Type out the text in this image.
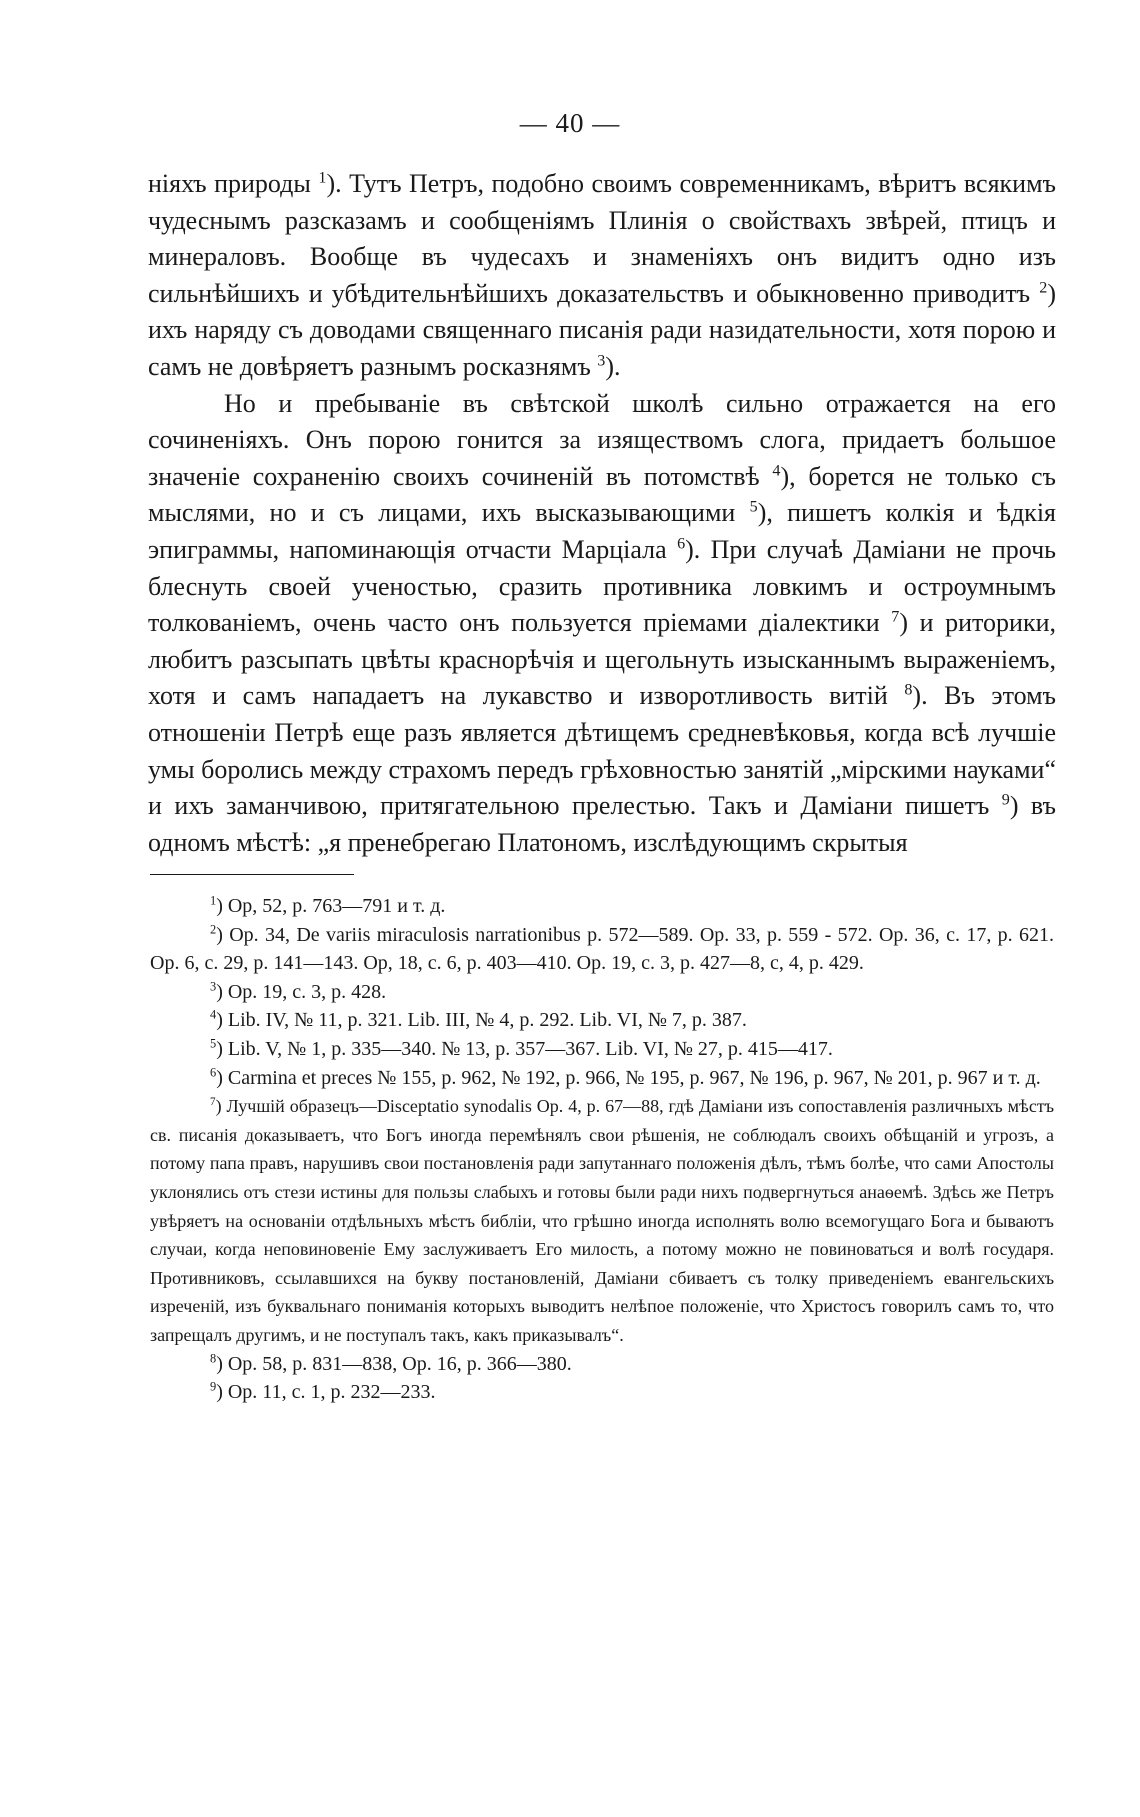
— 40 —

ніяхъ природы $^1$). Тутъ Петръ, подобно своимъ современникамъ, вѣритъ всякимъ чудеснымъ разсказамъ и сообщеніямъ Плинія о свойствахъ звѣрей, птицъ и минераловъ. Вообще въ чудесахъ и знаменіяхъ онъ видитъ одно изъ сильнѣйшихъ и убѣдительнѣйшихъ доказательствъ и обыкновенно приводитъ $^2$) ихъ наряду съ доводами священнаго писанія ради назидательности, хотя порою и самъ не довѣряетъ разнымъ росказнямъ $^3$).

Но и пребываніе въ свѣтской школѣ сильно отражается на его сочиненіяхъ. Онъ порою гонится за изяществомъ слога, придаетъ большое значеніе сохраненію своихъ сочиненій въ потомствѣ $^4$), борется не только съ мыслями, но и съ лицами, ихъ высказывающими $^5$), пишетъ колкія и ѣдкія эпиграммы, напоминающія отчасти Марціала $^6$). При случаѣ Даміани не прочь блеснуть своей ученостью, сразить противника ловкимъ и остроумнымъ толкованіемъ, очень часто онъ пользуется пріемами діалектики $^7$) и риторики, любитъ разсыпать цвѣты краснорѣчія и щегольнуть изысканнымъ выраженіемъ, хотя и самъ нападаетъ на лукавство и изворотливость витій $^8$). Въ этомъ отношеніи Петрѣ еще разъ является дѣтищемъ средневѣковья, когда всѣ лучшіе умы боролись между страхомъ передъ грѣховностью занятій „мірскими науками“ и ихъ заманчивою, притягательною прелестью. Такъ и Даміани пишетъ $^9$) въ одномъ мѣстѣ: „я пренебрегаю Платономъ, изслѣдующимъ скрытыя

$^1$) Op, 52, p. 763—791 и т. д.

$^2$) Op. 34, De variis miraculosis narrationibus p. 572—589. Op. 33, p. 559 - 572. Op. 36, c. 17, p. 621. Op. 6, c. 29, p. 141—143. Op, 18, c. 6, p. 403—410. Op. 19, c. 3, p. 427—8, c, 4, p. 429.

$^3$) Op. 19, c. 3, p. 428.

$^4$) Lib. IV, № 11, p. 321. Lib. III, № 4, p. 292. Lib. VI, № 7, p. 387.

$^5$) Lib. V, № 1, p. 335—340. № 13, p. 357—367. Lib. VI, № 27, p. 415—417.

$^6$) Carmina et preces № 155, p. 962, № 192, p. 966, № 195, p. 967, № 196, p. 967, № 201, p. 967 и т. д.

$^7$) Лучшій образецъ—Disceptatio synodalis Op. 4, p. 67—88, гдѣ Даміани изъ сопоставленія различныхъ мѣстъ св. писанія доказываетъ, что Богъ иногда перемѣнялъ свои рѣшенія, не соблюдалъ своихъ обѣщаній и угрозъ, а потому папа правъ, нарушивъ свои постановленія ради запутаннаго положенія дѣлъ, тѣмъ болѣе, что сами Апостолы уклонялись отъ стези истины для пользы слабыхъ и готовы были ради нихъ подвергнуться анаѳемѣ. Здѣсь же Петръ увѣряетъ на основаніи отдѣльныхъ мѣстъ библіи, что грѣшно иногда исполнять волю всемогущаго Бога и бываютъ случаи, когда неповиновеніе Ему заслуживаетъ Его милость, а потому можно не повиноваться и волѣ государя. Противниковъ, ссылавшихся на букву постановленій, Даміани сбиваетъ съ толку приведеніемъ евангельскихъ изреченій, изъ буквальнаго пониманія которыхъ выводитъ нелѣпое положеніе, что Христосъ говорилъ самъ то, что запрещалъ другимъ, и не поступалъ такъ, какъ приказывалъ“.

$^8$) Op. 58, p. 831—838, Op. 16, p. 366—380.

$^9$) Op. 11, c. 1, p. 232—233.
